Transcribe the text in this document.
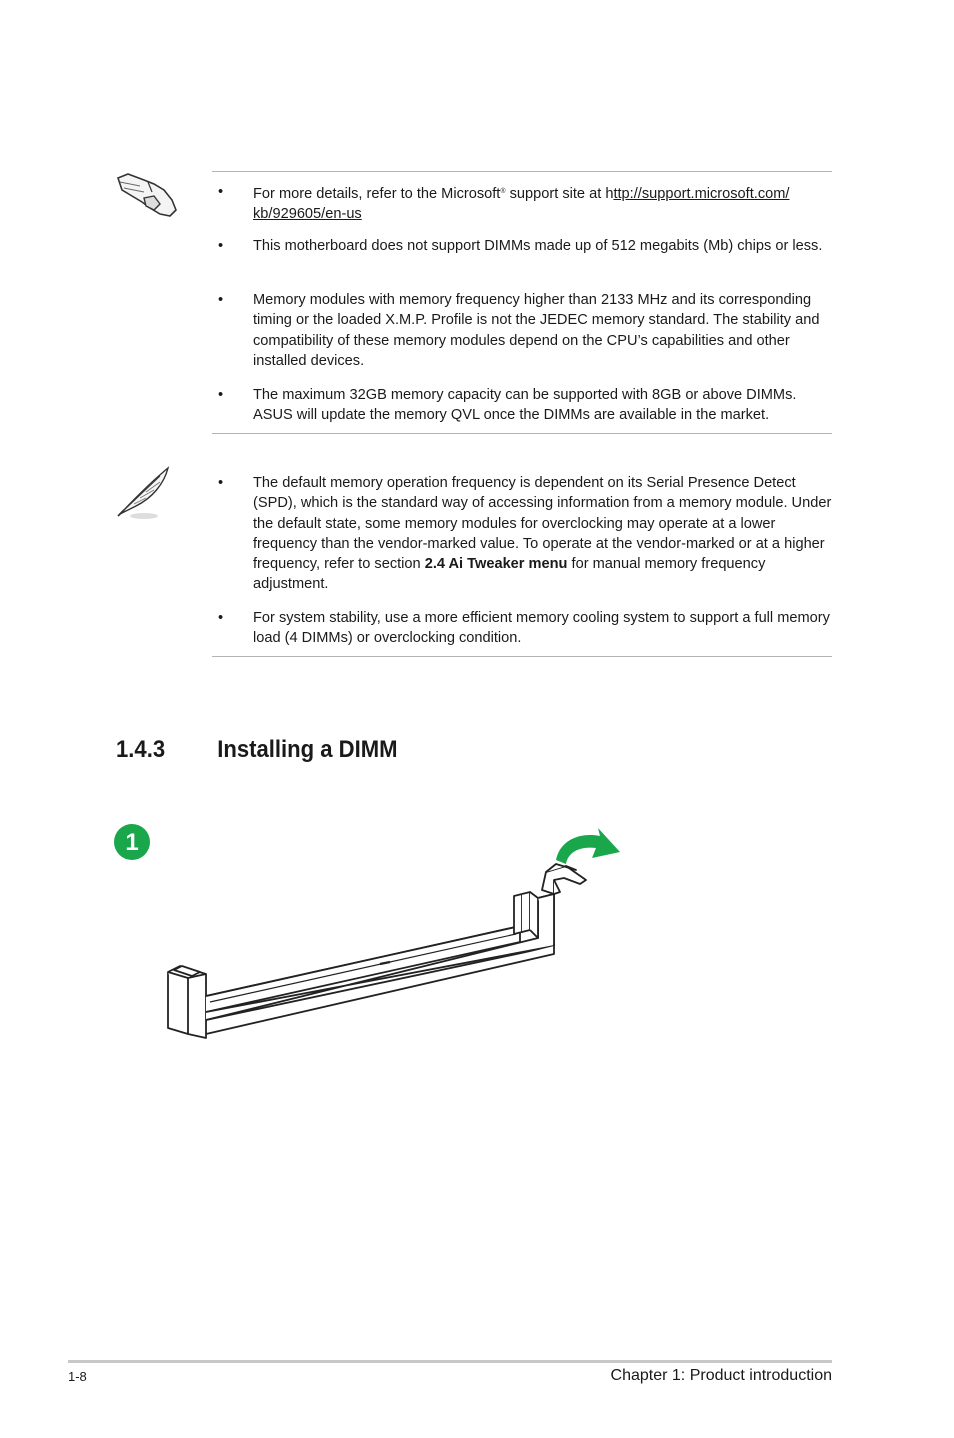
• For more details, refer to the Microsoft® support site at http://support.microsoft.com/
kb/929605/en-us
• This motherboard does not support DIMMs made up of 512 megabits (Mb) chips or less.
• Memory modules with memory frequency higher than 2133 MHz and its corresponding timing or the loaded X.M.P. Profile is not the JEDEC memory standard. The stability and compatibility of these memory modules depend on the CPU’s capabilities and other installed devices.
• The maximum 32GB memory capacity can be supported with 8GB or above DIMMs. ASUS will update the memory QVL once the DIMMs are available in the market.
• The default memory operation frequency is dependent on its Serial Presence Detect (SPD), which is the standard way of accessing information from a memory module. Under the default state, some memory modules for overclocking may operate at a lower frequency than the vendor-marked value. To operate at the vendor-marked or at a higher frequency, refer to section 2.4 Ai Tweaker menu for manual memory frequency adjustment.
• For system stability, use a more efficient memory cooling system to support a full memory load (4 DIMMs) or overclocking condition.
1.4.3 Installing a DIMM
1
1-8	Chapter 1: Product introduction
